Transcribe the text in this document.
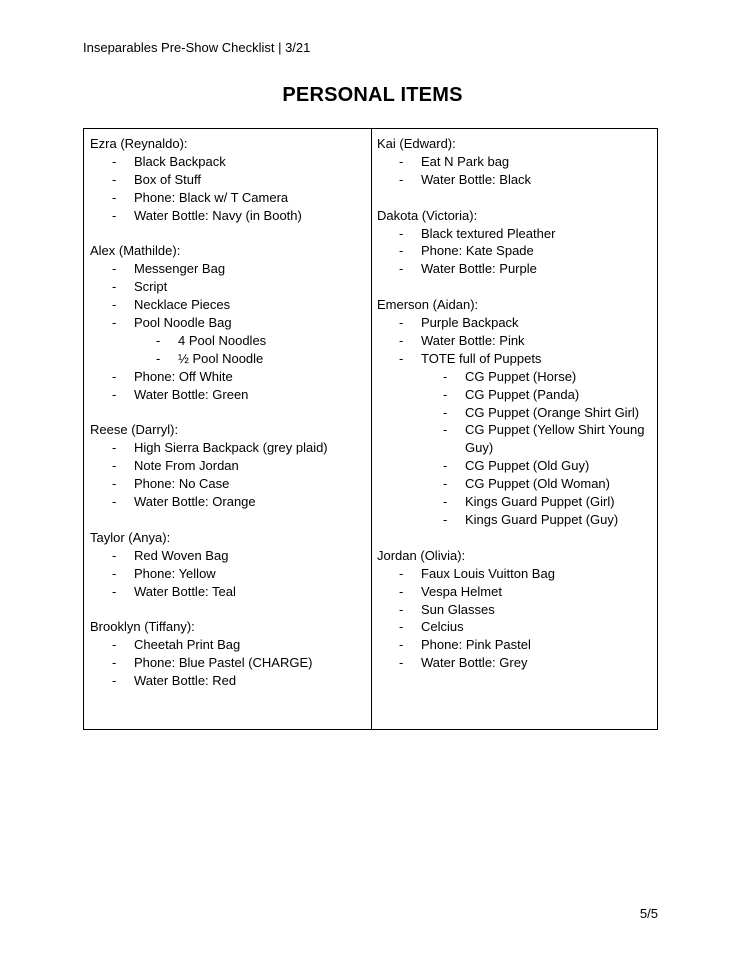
Inseparables Pre-Show Checklist | 3/21
PERSONAL ITEMS
Ezra (Reynaldo):
- Black Backpack
- Box of Stuff
- Phone: Black w/ T Camera
- Water Bottle: Navy (in Booth)
Alex (Mathilde):
- Messenger Bag
- Script
- Necklace Pieces
- Pool Noodle Bag
- 4 Pool Noodles
- ½ Pool Noodle
- Phone: Off White
- Water Bottle: Green
Reese (Darryl):
- High Sierra Backpack (grey plaid)
- Note From Jordan
- Phone: No Case
- Water Bottle: Orange
Taylor (Anya):
- Red Woven Bag
- Phone: Yellow
- Water Bottle: Teal
Brooklyn (Tiffany):
- Cheetah Print Bag
- Phone: Blue Pastel (CHARGE)
- Water Bottle: Red
Kai (Edward):
- Eat N Park bag
- Water Bottle: Black
Dakota (Victoria):
- Black textured Pleather
- Phone: Kate Spade
- Water Bottle: Purple
Emerson (Aidan):
- Purple Backpack
- Water Bottle: Pink
- TOTE full of Puppets
- CG Puppet (Horse)
- CG Puppet (Panda)
- CG Puppet (Orange Shirt Girl)
- CG Puppet (Yellow Shirt Young Guy)
- CG Puppet (Old Guy)
- CG Puppet (Old Woman)
- Kings Guard Puppet (Girl)
- Kings Guard Puppet (Guy)
Jordan (Olivia):
- Faux Louis Vuitton Bag
- Vespa Helmet
- Sun Glasses
- Celcius
- Phone: Pink Pastel
- Water Bottle: Grey
5/5
